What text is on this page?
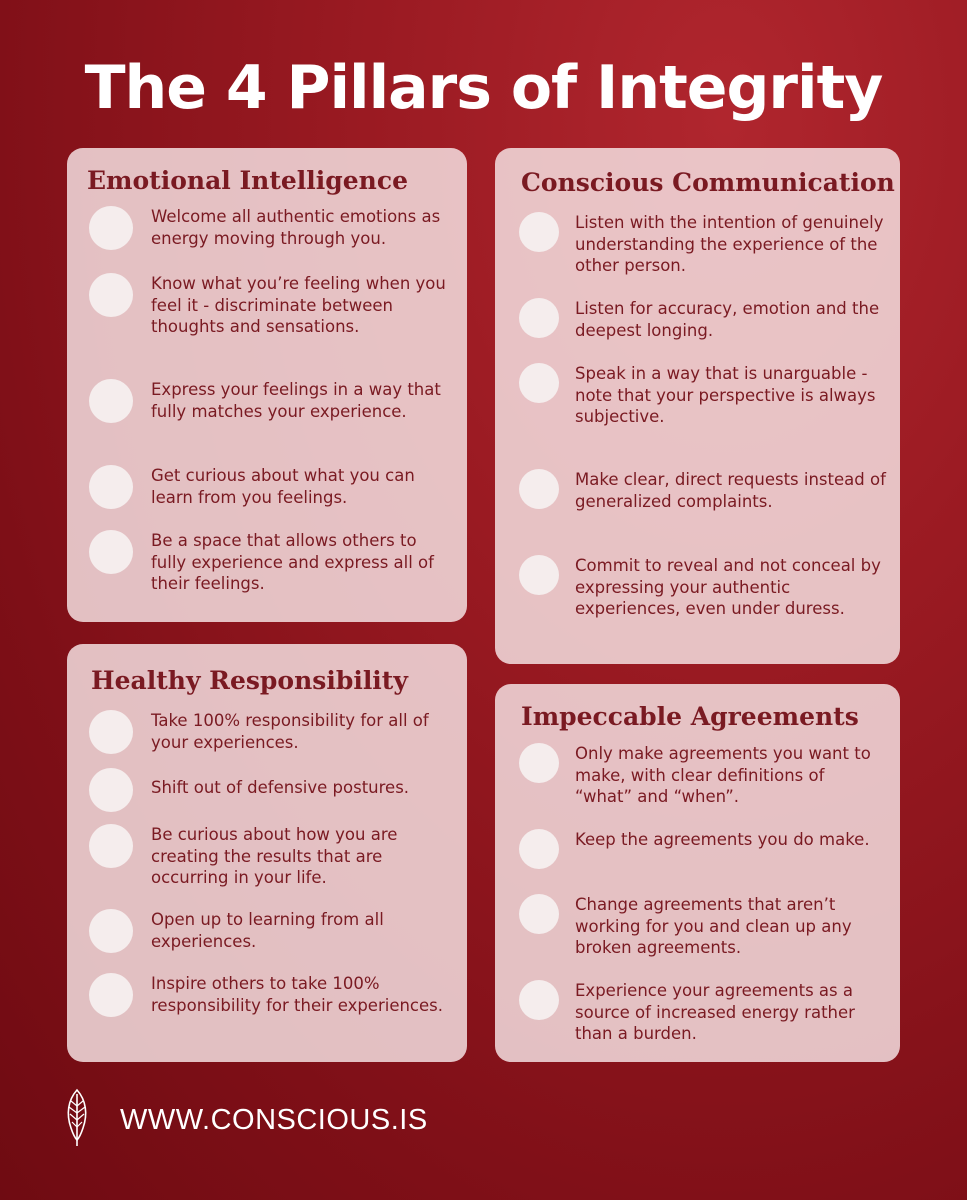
The 4 Pillars of Integrity
Emotional Intelligence
Welcome all authentic emotions as energy moving through you.
Know what you’re feeling when you feel it - discriminate between thoughts and sensations.
Express your feelings in a way that fully matches your experience.
Get curious about what you can learn from you feelings.
Be a space that allows others to fully experience and express all of their feelings.
Conscious Communication
Listen with the intention of genuinely understanding the experience of the other person.
Listen for accuracy, emotion and the deepest longing.
Speak in a way that is unarguable - note that your perspective is always subjective.
Make clear, direct requests instead of generalized complaints.
Commit to reveal and not conceal by expressing your authentic experiences, even under duress.
Healthy Responsibility
Take 100% responsibility for all of your experiences.
Shift out of defensive postures.
Be curious about how you are creating the results that are occurring in your life.
Open up to learning from all experiences.
Inspire others to take 100% responsibility for their experiences.
Impeccable Agreements
Only make agreements you want to make, with clear definitions of “what” and “when”.
Keep the agreements you do make.
Change agreements that aren’t working for you and clean up any broken agreements.
Experience your agreements as a source of increased energy rather than a burden.
WWW.CONSCIOUS.IS
